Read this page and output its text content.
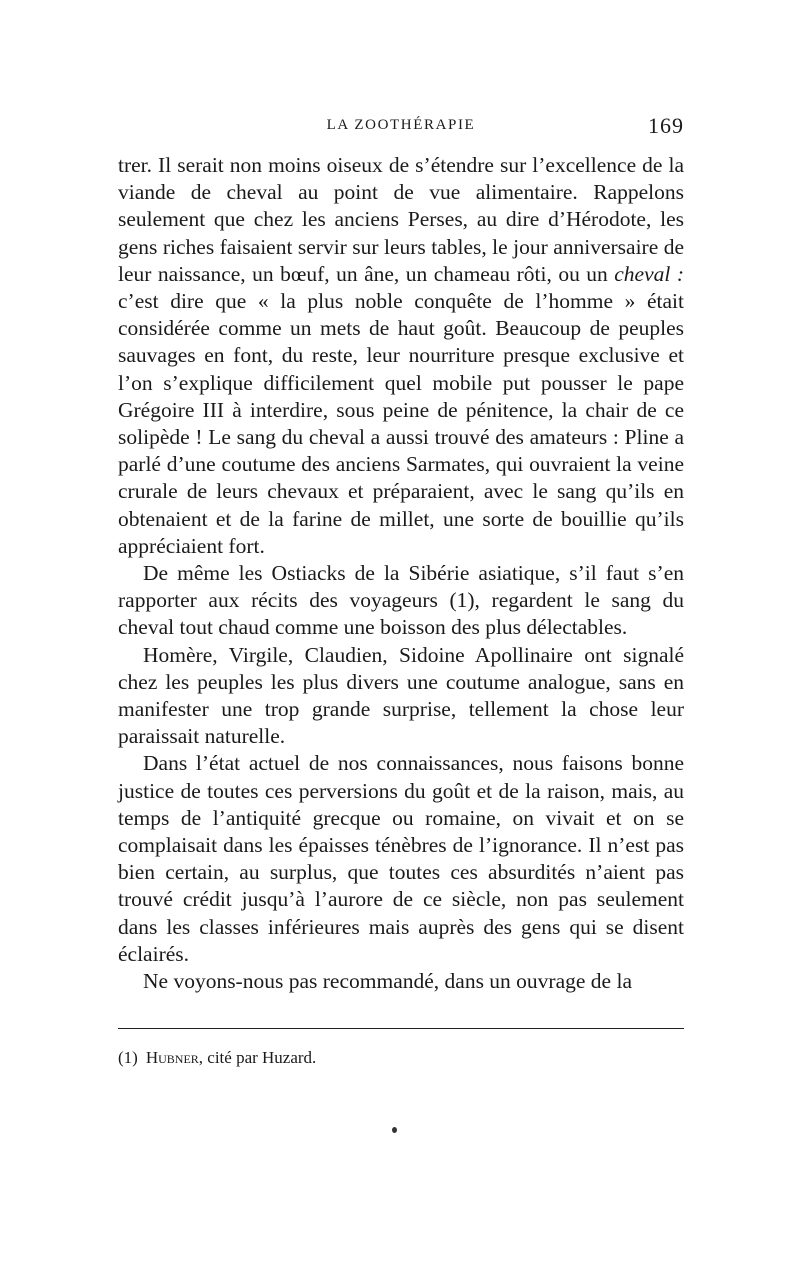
LA ZOOTHÉRAPIE	169

trer. Il serait non moins oiseux de s’étendre sur l’excellence de la viande de cheval au point de vue alimentaire. Rappelons seulement que chez les anciens Perses, au dire d’Hérodote, les gens riches faisaient servir sur leurs tables, le jour anniversaire de leur naissance, un bœuf, un âne, un chameau rôti, ou un cheval : c’est dire que « la plus noble conquête de l’homme » était considérée comme un mets de haut goût. Beaucoup de peuples sauvages en font, du reste, leur nourriture presque exclusive et l’on s’explique difficilement quel mobile put pousser le pape Grégoire III à interdire, sous peine de pénitence, la chair de ce solipède ! Le sang du cheval a aussi trouvé des amateurs : Pline a parlé d’une coutume des anciens Sarmates, qui ouvraient la veine crurale de leurs chevaux et préparaient, avec le sang qu’ils en obtenaient et de la farine de millet, une sorte de bouillie qu’ils appréciaient fort.

De même les Ostiacks de la Sibérie asiatique, s’il faut s’en rapporter aux récits des voyageurs (1), regardent le sang du cheval tout chaud comme une boisson des plus délectables.

Homère, Virgile, Claudien, Sidoine Apollinaire ont signalé chez les peuples les plus divers une coutume analogue, sans en manifester une trop grande surprise, tellement la chose leur paraissait naturelle.

Dans l’état actuel de nos connaissances, nous faisons bonne justice de toutes ces perversions du goût et de la raison, mais, au temps de l’antiquité grecque ou romaine, on vivait et on se complaisait dans les épaisses ténèbres de l’ignorance. Il n’est pas bien certain, au surplus, que toutes ces absurdités n’aient pas trouvé crédit jusqu’à l’aurore de ce siècle, non pas seulement dans les classes inférieures mais auprès des gens qui se disent éclairés.

Ne voyons-nous pas recommandé, dans un ouvrage de la

(1) Hubner, cité par Huzard.
